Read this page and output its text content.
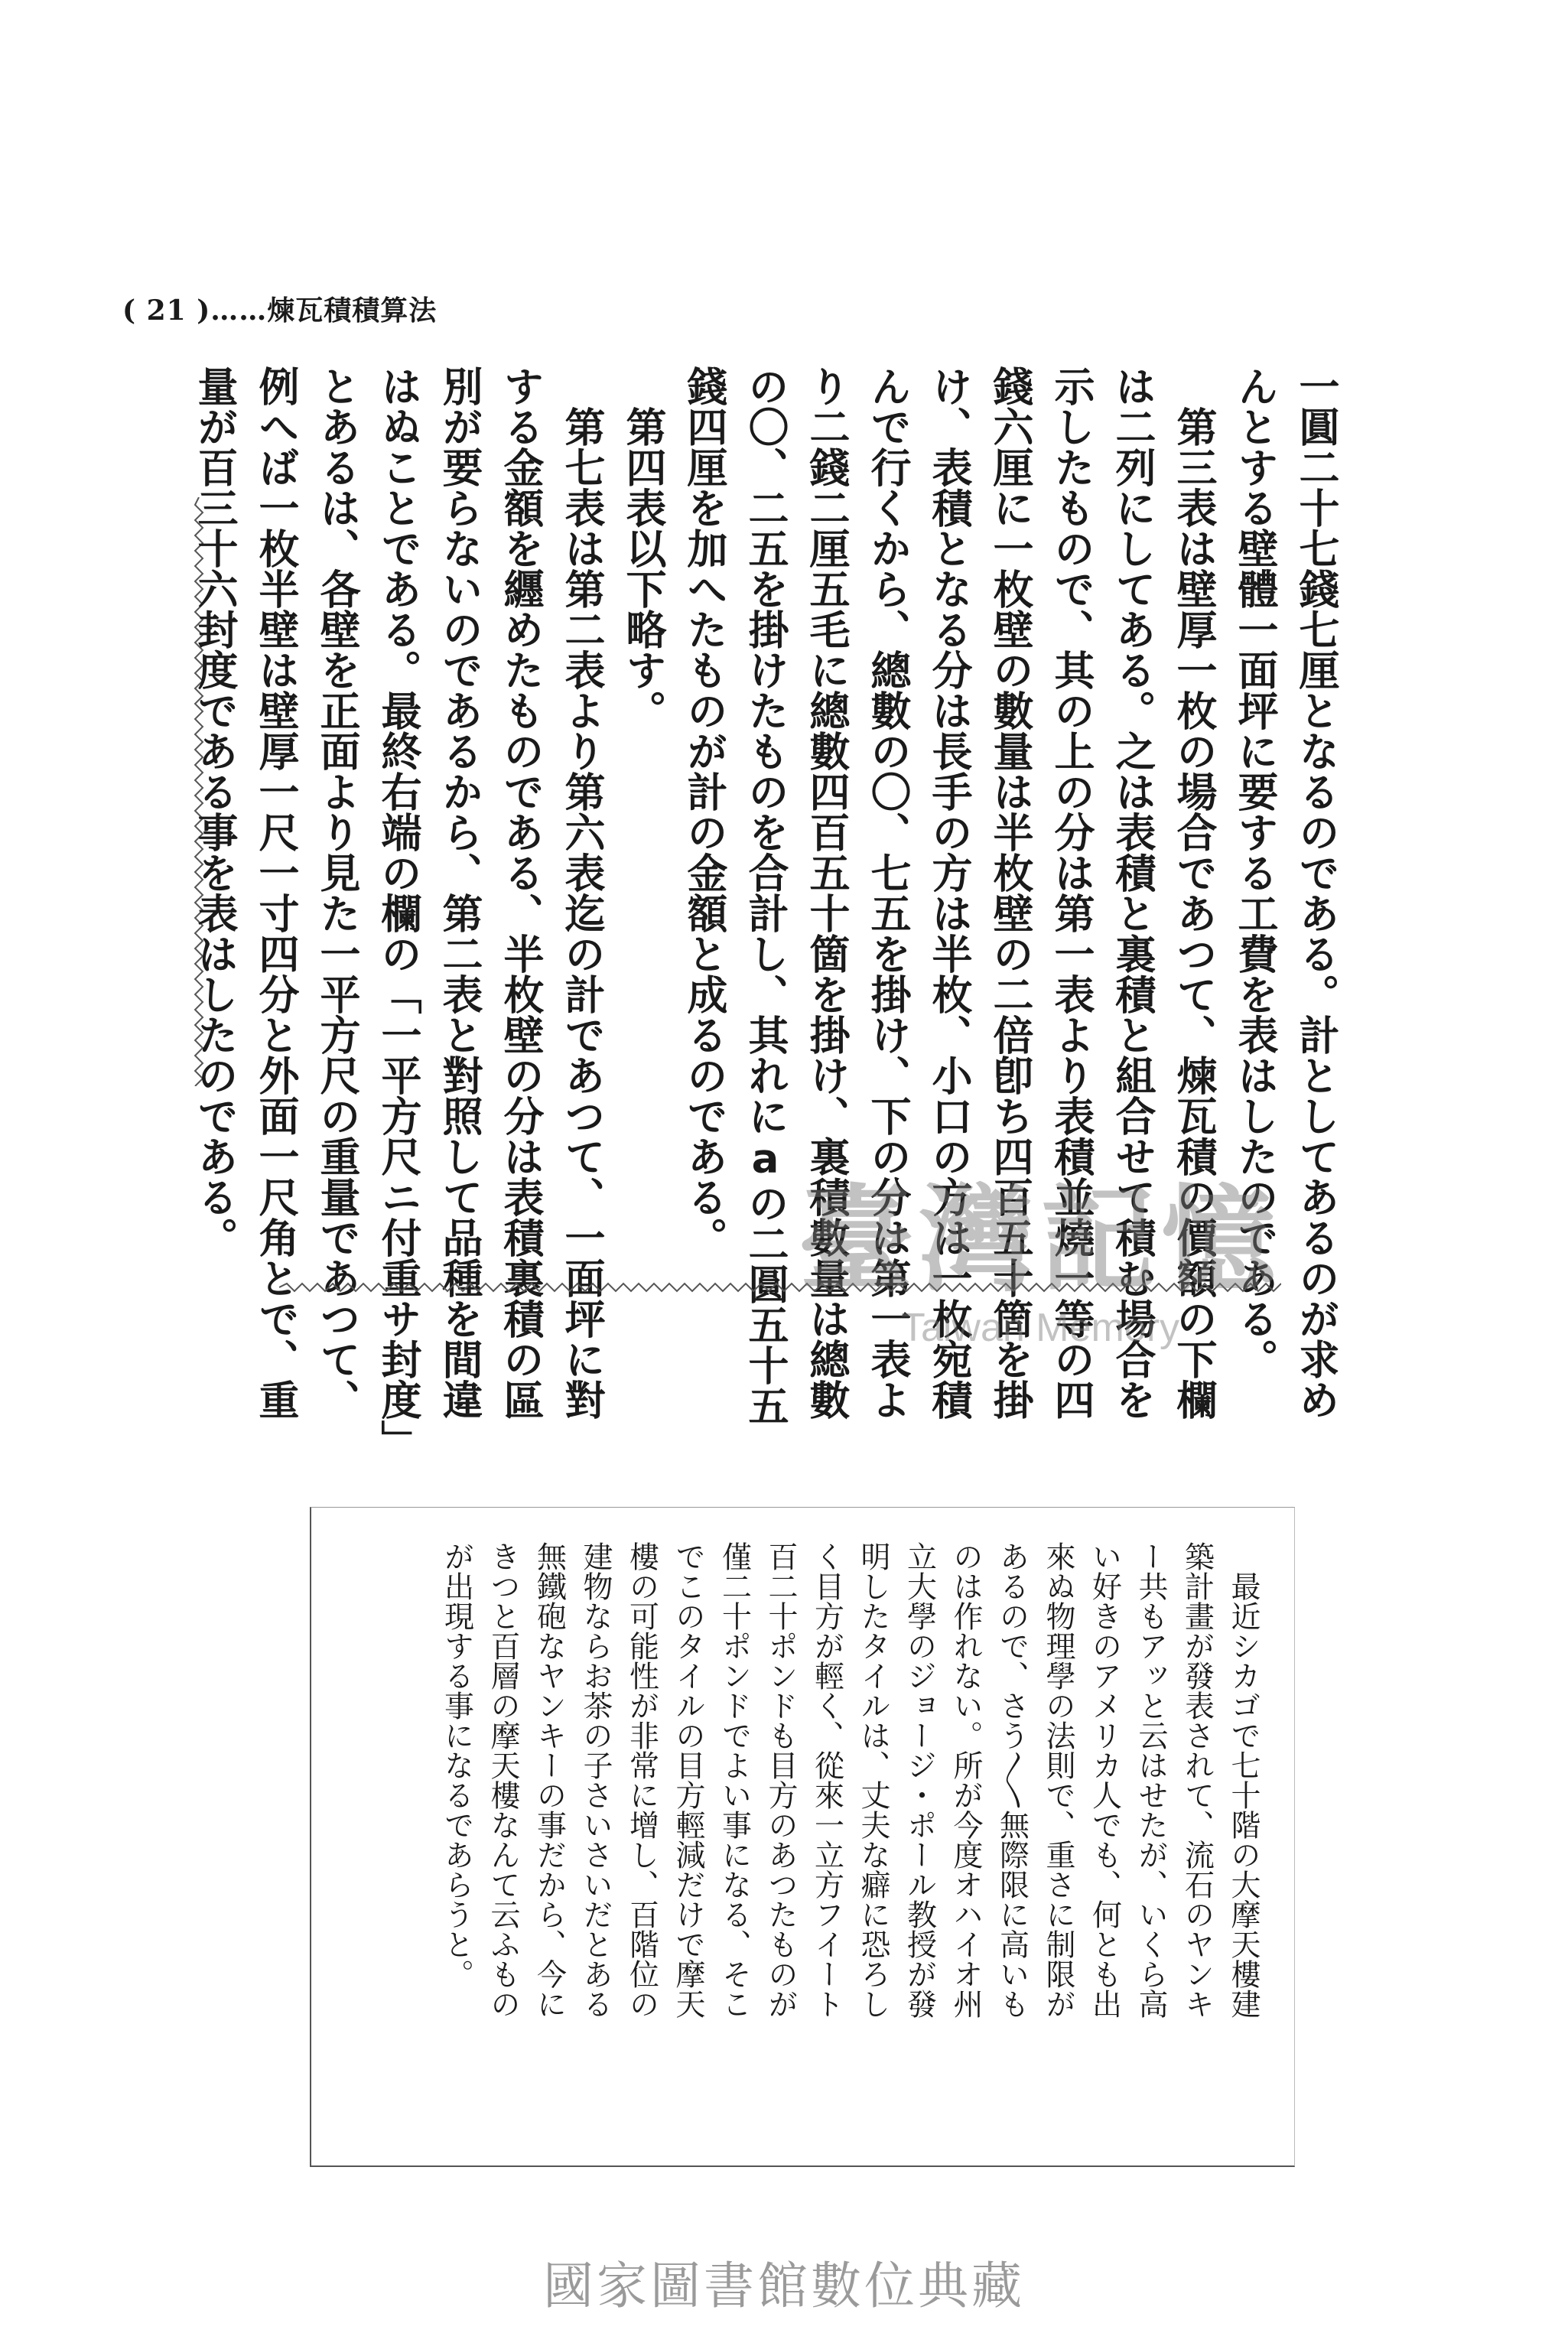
( 21 )……煉瓦積積算法
一圓二十七錢七厘となるのである。計としてあるのが求め
んとする壁體一面坪に要する工費を表はしたのである。
　第三表は壁厚一枚の場合であつて、煉瓦積の價額の下欄
は二列にしてある。之は表積と裏積と組合せて積む場合を
示したもので、其の上の分は第一表より表積並燒一等の四
錢六厘に一枚壁の數量は半枚壁の二倍卽ち四百五十箇を掛
け、表積となる分は長手の方は半枚、小口の方は一枚宛積
んで行くから、總數の〇、七五を掛け、下の分は第一表よ
り二錢二厘五毛に總數四百五十箇を掛け、裏積數量は總數
の〇、二五を掛けたものを合計し、其れにaの二圓五十五
錢四厘を加へたものが計の金額と成るのである。
　第四表以下略す。
　第七表は第二表より第六表迄の計であつて、一面坪に對
する金額を纒めたものである、半枚壁の分は表積裏積の區
別が要らないのであるから、第二表と對照して品種を間違
はぬことである。最終右端の欄の「一平方尺ニ付重サ封度」
とあるは、各壁を正面より見た一平方尺の重量であつて、
例へば一枚半壁は壁厚一尺一寸四分と外面一尺角とで、重
量が百三十六封度である事を表はしたのである。	臺灣記憶
Taiwan Memory
　最近シカゴで七十階の大摩天樓建
築計畫が發表されて、流石のヤンキ
ー共もアッと云はせたが、いくら高
い好きのアメリカ人でも、何とも出
來ぬ物理學の法則で、重さに制限が
あるので、さう〳〵無際限に高いも
のは作れない。所が今度オハイオ州
立大學のジョージ・ポール教授が發
明したタイルは、丈夫な癖に恐ろし
く目方が輕く、從來一立方フイート
百二十ポンドも目方のあつたものが
僅二十ポンドでよい事になる、そこ
でこのタイルの目方輕減だけで摩天
樓の可能性が非常に增し、百階位の
建物ならお茶の子さいさいだとある
無鐵砲なヤンキーの事だから、今に
きつと百層の摩天樓なんて云ふもの
が出現する事になるであらうと。
國家圖書館數位典藏
